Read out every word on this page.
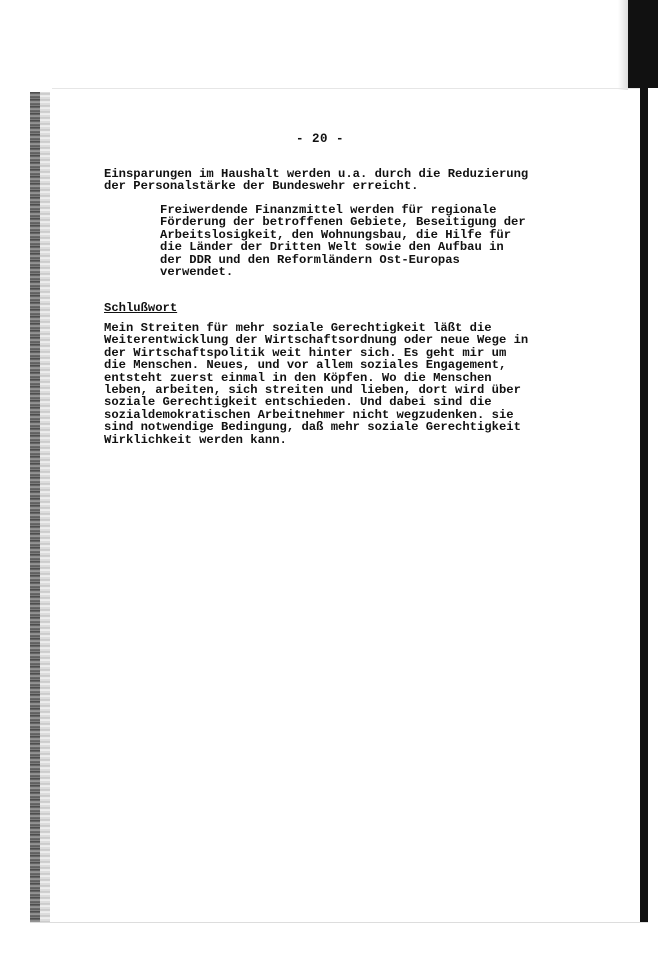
- 20 -

Einsparungen im Haushalt werden u.a. durch die Reduzierung
der Personalstärke der Bundeswehr erreicht.

Freiwerdende Finanzmittel werden für regionale
Förderung der betroffenen Gebiete, Beseitigung der
Arbeitslosigkeit, den Wohnungsbau, die Hilfe für
die Länder der Dritten Welt sowie den Aufbau in
der DDR und den Reformländern Ost-Europas
verwendet.

Schlußwort

Mein Streiten für mehr soziale Gerechtigkeit läßt die
Weiterentwicklung der Wirtschaftsordnung oder neue Wege in
der Wirtschaftspolitik weit hinter sich. Es geht mir um
die Menschen. Neues, und vor allem soziales Engagement,
entsteht zuerst einmal in den Köpfen. Wo die Menschen
leben, arbeiten, sich streiten und lieben, dort wird über
soziale Gerechtigkeit entschieden. Und dabei sind die
sozialdemokratischen Arbeitnehmer nicht wegzudenken. sie
sind notwendige Bedingung, daß mehr soziale Gerechtigkeit
Wirklichkeit werden kann.
